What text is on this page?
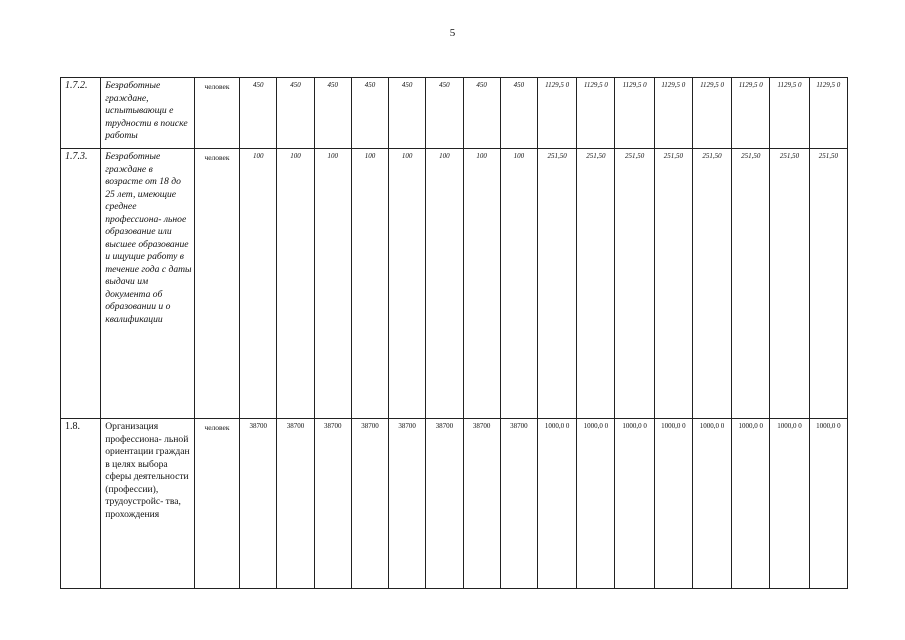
5
1.7.2.	Безработные граждане, испытывающи е трудности в поиске работы	человек	450	450	450	450	450	450	450	450	1129,5 0	1129,5 0	1129,5 0	1129,5 0	1129,5 0	1129,5 0	1129,5 0	1129,5 0
1.7.3.	Безработные граждане в возрасте от 18 до 25 лет, имеющие среднее профессиона- льное образование или высшее образование и ищущие работу в течение года с даты выдачи им документа об образовании и о квалификации	человек	100	100	100	100	100	100	100	100	251,50	251,50	251,50	251,50	251,50	251,50	251,50	251,50
1.8.	Организация профессиона- льной ориентации граждан в целях выбора сферы деятельности (профессии), трудоустройс- тва, прохождения	человек	38700	38700	38700	38700	38700	38700	38700	38700	1000,0 0	1000,0 0	1000,0 0	1000,0 0	1000,0 0	1000,0 0	1000,0 0	1000,0 0
